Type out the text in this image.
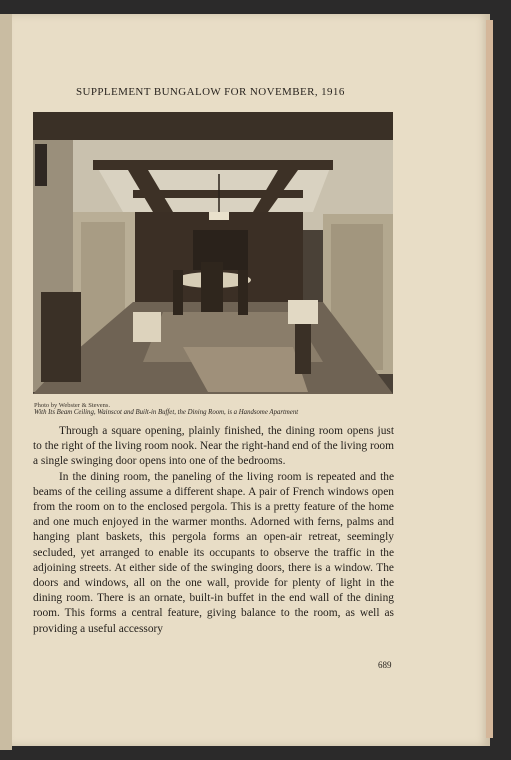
SUPPLEMENT BUNGALOW FOR NOVEMBER, 1916
Photo by Webster & Stevens.
With Its Beam Ceiling, Wainscot and Built-in Buffet, the Dining Room, is a Handsome Apartment

Through a square opening, plainly finished, the dining room opens just to the right of the living room nook. Near the right-hand end of the living room a single swinging door opens into one of the bedrooms.

In the dining room, the paneling of the living room is repeated and the beams of the ceiling assume a different shape. A pair of French windows open from the room on to the enclosed pergola. This is a pretty feature of the home and one much enjoyed in the warmer months. Adorned with ferns, palms and hanging plant baskets, this pergola forms an open-air retreat, seemingly secluded, yet arranged to enable its occupants to observe the traffic in the adjoining streets. At either side of the swinging doors, there is a window. The doors and windows, all on the one wall, provide for plenty of light in the dining room. There is an ornate, built-in buffet in the end wall of the dining room. This forms a central feature, giving balance to the room, as well as providing a useful accessory

689
